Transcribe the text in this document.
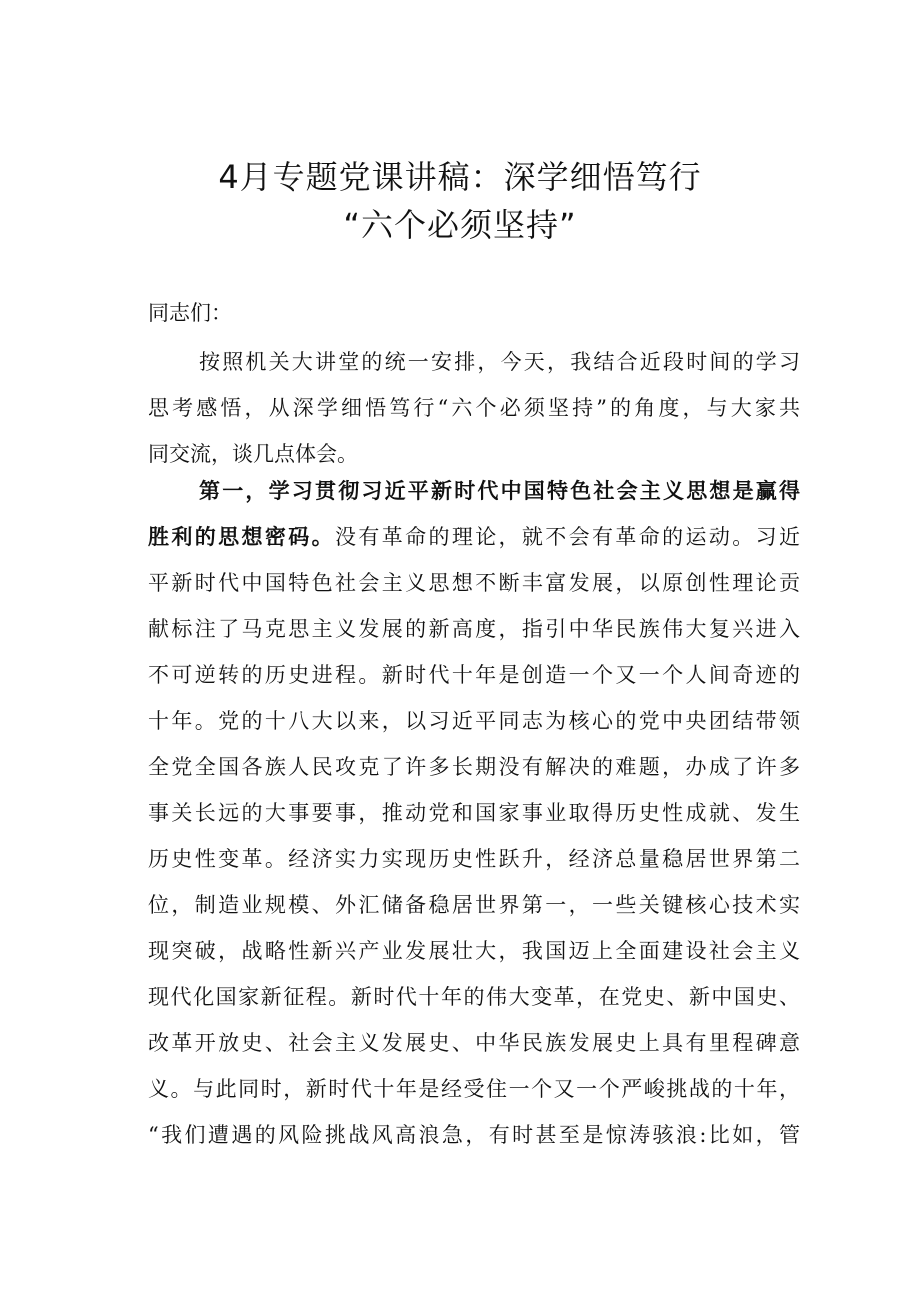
4月专题党课讲稿：深学细悟笃行
“六个必须坚持”
同志们：
按照机关大讲堂的统一安排，今天，我结合近段时间的学习
思考感悟，从深学细悟笃行“六个必须坚持”的角度，与大家共
同交流，谈几点体会。
第一，学习贯彻习近平新时代中国特色社会主义思想是赢得
胜利的思想密码。没有革命的理论，就不会有革命的运动。习近
平新时代中国特色社会主义思想不断丰富发展，以原创性理论贡
献标注了马克思主义发展的新高度，指引中华民族伟大复兴进入
不可逆转的历史进程。新时代十年是创造一个又一个人间奇迹的
十年。党的十八大以来，以习近平同志为核心的党中央团结带领
全党全国各族人民攻克了许多长期没有解决的难题，办成了许多
事关长远的大事要事，推动党和国家事业取得历史性成就、发生
历史性变革。经济实力实现历史性跃升，经济总量稳居世界第二
位，制造业规模、外汇储备稳居世界第一，一些关键核心技术实
现突破，战略性新兴产业发展壮大，我国迈上全面建设社会主义
现代化国家新征程。新时代十年的伟大变革，在党史、新中国史、
改革开放史、社会主义发展史、中华民族发展史上具有里程碑意
义。与此同时，新时代十年是经受住一个又一个严峻挑战的十年，
“我们遭遇的风险挑战风高浪急，有时甚至是惊涛骇浪:比如，管
